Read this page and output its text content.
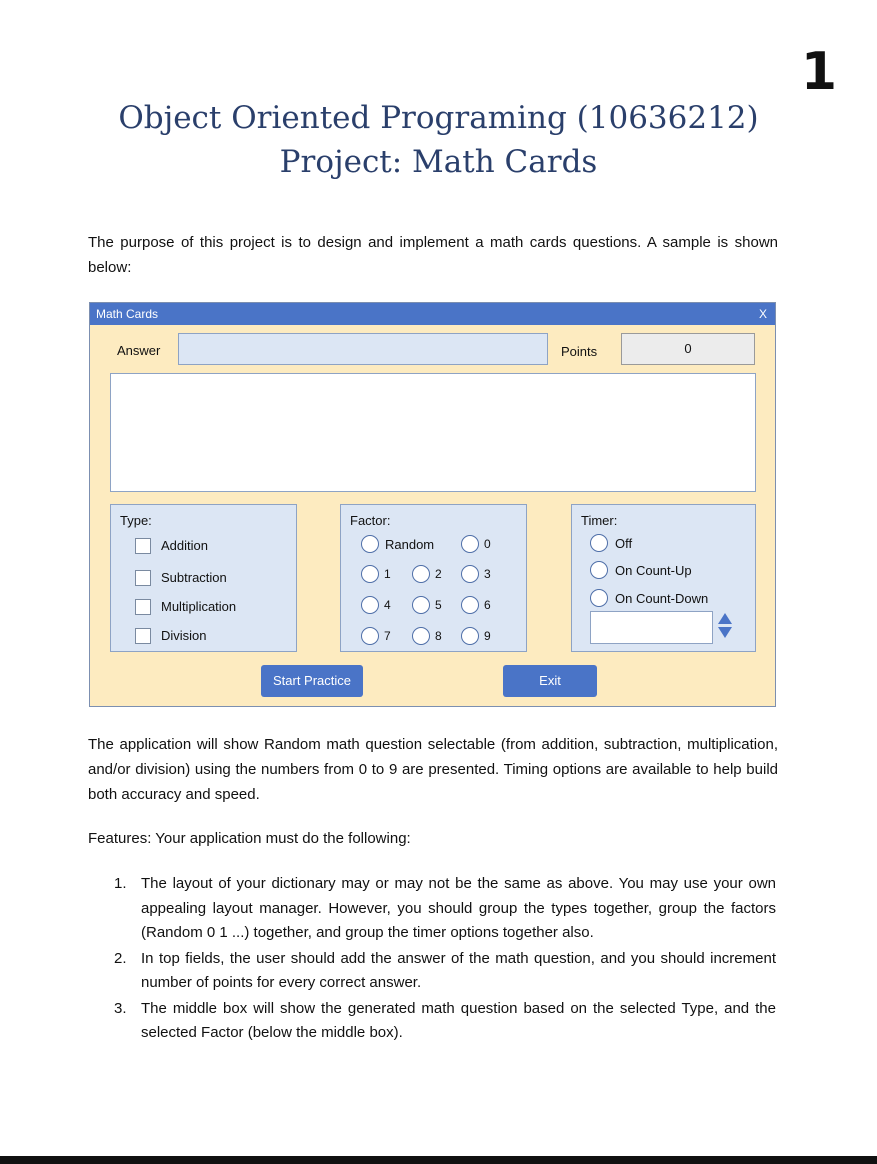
1
Object Oriented Programing (10636212)
Project: Math Cards
The purpose of this project is to design and implement a math cards questions. A sample is shown below:
Math Cards	X
Answer	Points	0
Type:
Addition
Subtraction
Multiplication
Division
Factor:
Random	0
1	2	3
4	5	6
7	8	9
Timer:
Off
On Count-Up
On Count-Down
Start Practice	Exit
The application will show Random math question selectable (from addition, subtraction, multiplication, and/or division) using the numbers from 0 to 9 are presented. Timing options are available to help build both accuracy and speed.
Features: Your application must do the following:
1. The layout of your dictionary may or may not be the same as above. You may use your own appealing layout manager. However, you should group the types together, group the factors (Random 0 1 ...) together, and group the timer options together also.
2. In top fields, the user should add the answer of the math question, and you should increment number of points for every correct answer.
3. The middle box will show the generated math question based on the selected Type, and the selected Factor (below the middle box).
